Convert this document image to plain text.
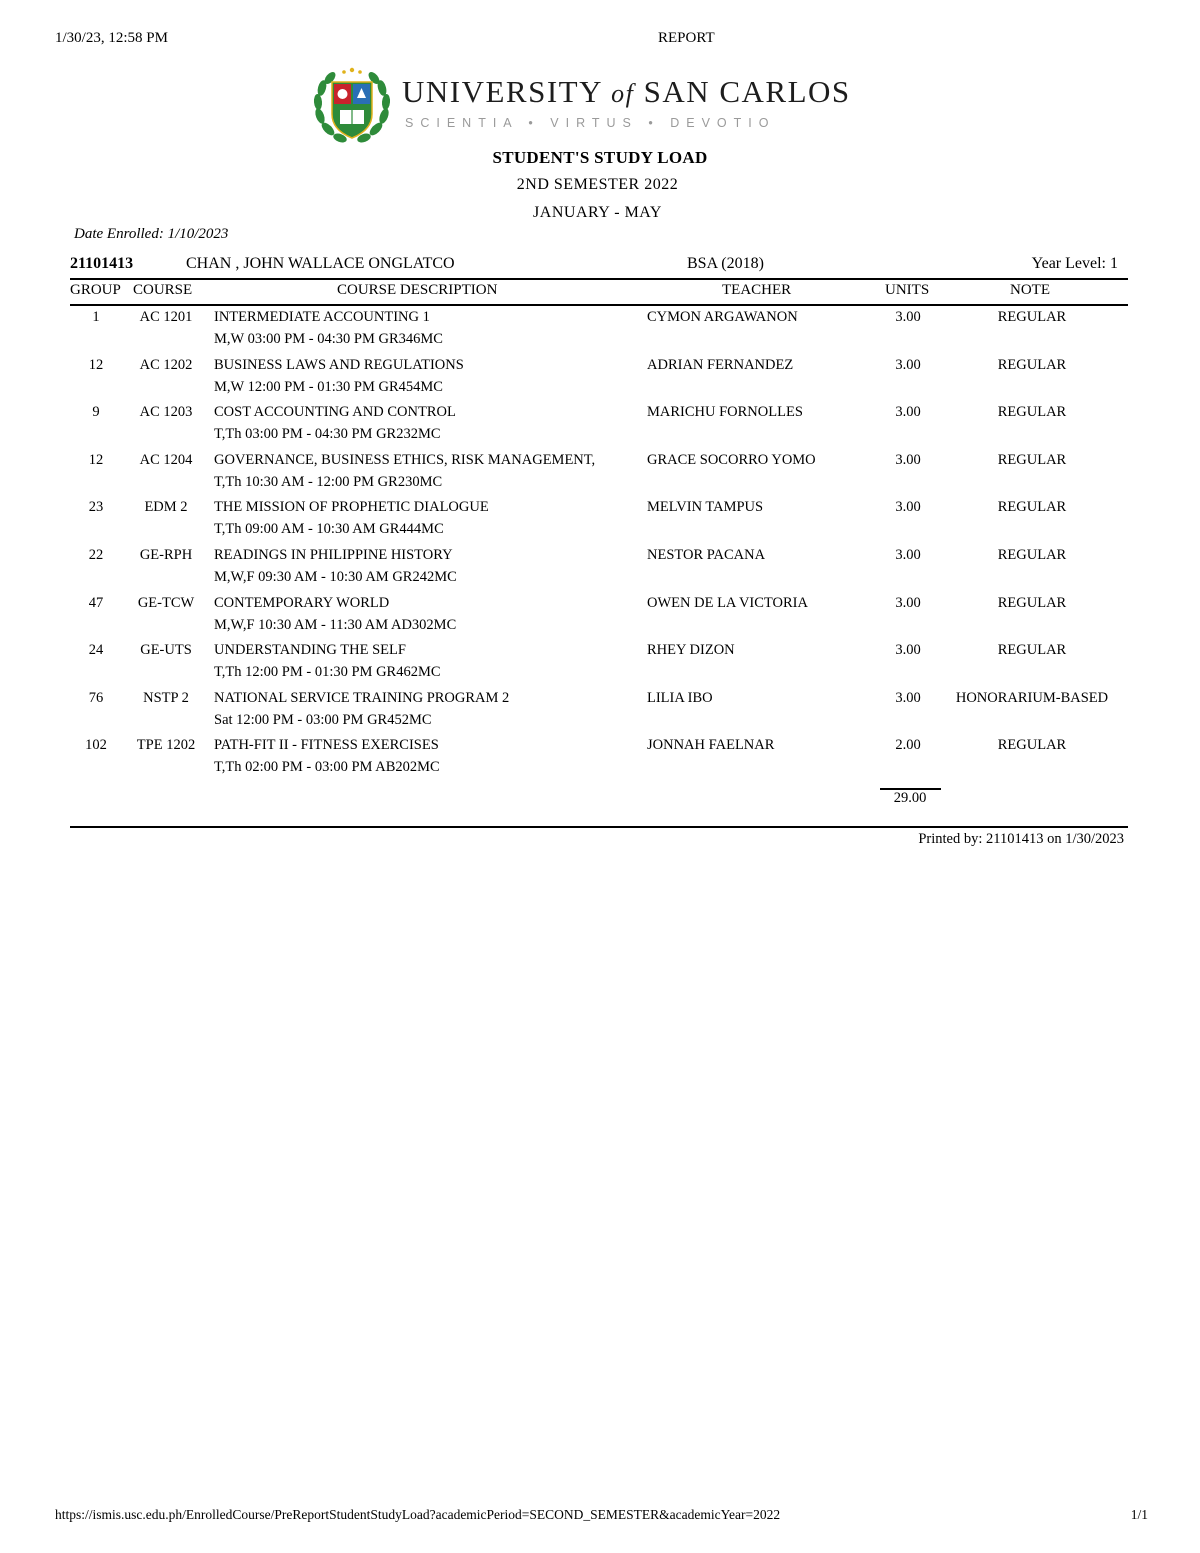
1/30/23, 12:58 PM	REPORT
UNIVERSITY of SAN CARLOS
SCIENTIA • VIRTUS • DEVOTIO
STUDENT'S STUDY LOAD
2ND SEMESTER 2022
JANUARY - MAY
Date Enrolled: 1/10/2023
21101413	CHAN , JOHN WALLACE ONGLATCO	BSA (2018)	Year Level: 1
GROUP COURSE	COURSE DESCRIPTION	TEACHER	UNITS	NOTE
1	AC 1201	INTERMEDIATE ACCOUNTING 1
M,W 03:00 PM - 04:30 PM GR346MC
CYMON ARGAWANON	3.00	REGULAR
12	AC 1202	BUSINESS LAWS AND REGULATIONS
M,W 12:00 PM - 01:30 PM GR454MC
ADRIAN FERNANDEZ	3.00	REGULAR
9	AC 1203	COST ACCOUNTING AND CONTROL
T,Th 03:00 PM - 04:30 PM GR232MC
MARICHU FORNOLLES	3.00	REGULAR
12	AC 1204	GOVERNANCE, BUSINESS ETHICS, RISK MANAGEMENT,
T,Th 10:30 AM - 12:00 PM GR230MC
GRACE SOCORRO YOMO	3.00	REGULAR
23	EDM 2	THE MISSION OF PROPHETIC DIALOGUE
T,Th 09:00 AM - 10:30 AM GR444MC
MELVIN TAMPUS	3.00	REGULAR
22	GE-RPH	READINGS IN PHILIPPINE HISTORY
M,W,F 09:30 AM - 10:30 AM GR242MC
NESTOR PACANA	3.00	REGULAR
47	GE-TCW	CONTEMPORARY WORLD
M,W,F 10:30 AM - 11:30 AM AD302MC
OWEN DE LA VICTORIA	3.00	REGULAR
24	GE-UTS	UNDERSTANDING THE SELF
T,Th 12:00 PM - 01:30 PM GR462MC
RHEY DIZON	3.00	REGULAR
76	NSTP 2	NATIONAL SERVICE TRAINING PROGRAM 2
Sat 12:00 PM - 03:00 PM GR452MC
LILIA IBO	3.00	HONORARIUM-BASED
102	TPE 1202	PATH-FIT II - FITNESS EXERCISES
T,Th 02:00 PM - 03:00 PM AB202MC
JONNAH FAELNAR	2.00	REGULAR
29.00
Printed by: 21101413 on 1/30/2023
https://ismis.usc.edu.ph/EnrolledCourse/PreReportStudentStudyLoad?academicPeriod=SECOND_SEMESTER&academicYear=2022	1/1
